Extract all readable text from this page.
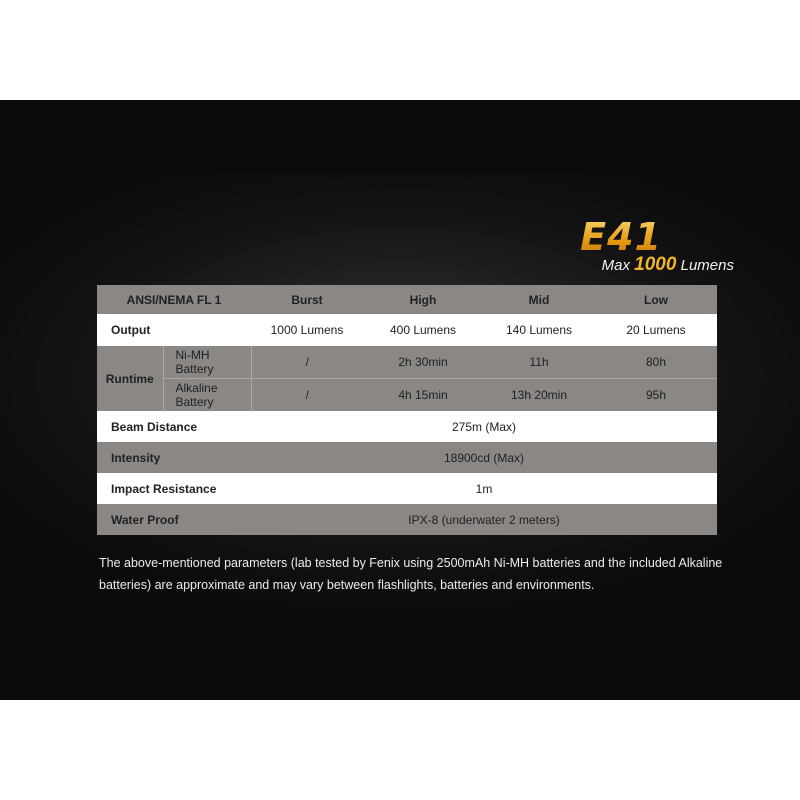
E41
Max 1000 Lumens
ANSI/NEMA FL 1		Burst	High	Mid	Low
Output		1000 Lumens	400 Lumens	140 Lumens	20 Lumens
Runtime	Ni-MH Battery	/	2h 30min	11h	80h
	Alkaline Battery	/	4h 15min	13h 20min	95h
Beam Distance		275m (Max)			
Intensity		18900cd (Max)			
Impact Resistance		1m			
Water Proof		IPX-8 (underwater 2 meters)			
The above-mentioned parameters (lab tested by Fenix using 2500mAh Ni-MH batteries and the included Alkaline batteries) are approximate and may vary between flashlights, batteries and environments.
